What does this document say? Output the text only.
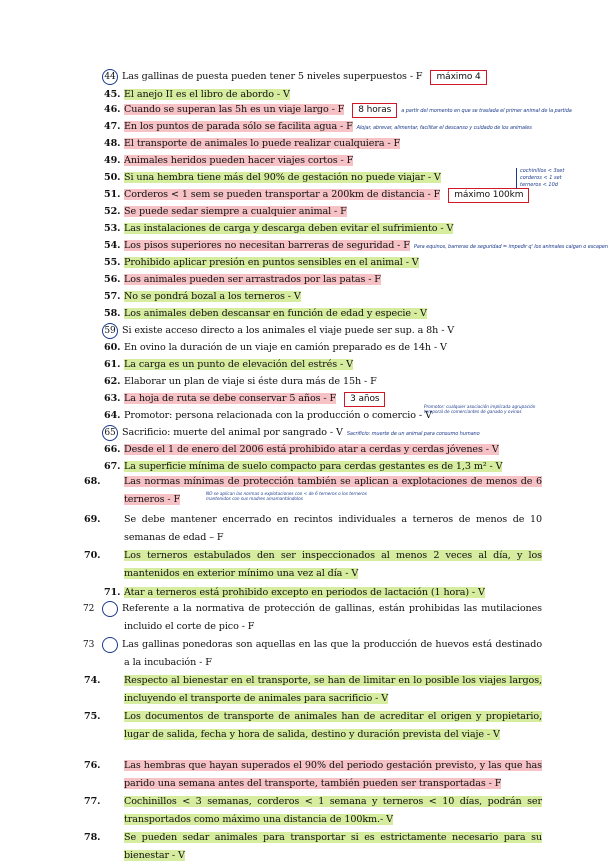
44 Las gallinas de puesta pueden tener 5 niveles superpuestos - F máximo 4
45. El anejo II es el libro de abordo - V
46. Cuando se superan las 5h es un viaje largo - F 8 horas a partir del momento en que se traslada el primer animal de la partida
47. En los puntos de parada sólo se facilita agua - F Alojar, abrevar, alimentar, facilitar el descanso y cuidado de los animales
48. El transporte de animales lo puede realizar cualquiera - F
49. Animales heridos pueden hacer viajes cortos - F
50. Si una hembra tiene más del 90% de gestación no puede viajar - V
51. Corderos < 1 sem se pueden transportar a 200km de distancia - F máximo 100km
cochinillos < 3set
corderos < 1 set
terneros < 10d
52. Se puede sedar siempre a cualquier animal - F
53. Las instalaciones de carga y descarga deben evitar el sufrimiento - V
54. Los pisos superiores no necesitan barreras de seguridad - F Para equinos, barreras de seguridad = impedir q' los animales caigan o escapen
55. Prohibido aplicar presión en puntos sensibles en el animal - V
56. Los animales pueden ser arrastrados por las patas - F
57. No se pondrá bozal a los terneros - V
58. Los animales deben descansar en función de edad y especie - V
59 Si existe acceso directo a los animales el viaje puede ser sup. a 8h - V
60. En ovino la duración de un viaje en camión preparado es de 14h - V
61. La carga es un punto de elevación del estrés - V
62. Elaborar un plan de viaje si éste dura más de 15h - F
63. La hoja de ruta se debe conservar 5 años - F 3 años
64. Promotor: persona relacionada con la producción o comercio - V
Promotor: cualquier asociación implicada agrupación temporal de comerciantes de ganado y ovinos
65 Sacrificio: muerte del animal por sangrado - V Sacrificio: muerte de un animal para consumo humano
66. Desde el 1 de enero del 2006 está prohibido atar a cerdas y cerdas jóvenes - V
67. La superficie mínima de suelo compacto para cerdas gestantes es de 1,3 m² - V
68. Las normas mínimas de protección también se aplican a explotaciones de menos de 6 terneros - F
NO se aplican las normas a explotaciones con < de 6 terneros o los terneros mantenidos con sus madres amamantándolos
69. Se debe mantener encerrado en recintos individuales a terneros de menos de 10 semanas de edad – F
70. Los terneros estabulados den ser inspeccionados al menos 2 veces al día, y los mantenidos en exterior mínimo una vez al día - V
71. Atar a terneros está prohibido excepto en periodos de lactación (1 hora) - V
72	Referente a la normativa de protección de gallinas, están prohibidas las mutilaciones incluido el corte de pico - F
73	Las gallinas ponedoras son aquellas en las que la producción de huevos está destinado a la incubación - F
74. Respecto al bienestar en el transporte, se han de limitar en lo posible los viajes largos, incluyendo el transporte de animales para sacrificio - V
75. Los documentos de transporte de animales han de acreditar el origen y propietario, lugar de salida, fecha y hora de salida, destino y duración prevista del viaje - V
76. Las hembras que hayan superados el 90% del periodo gestación previsto, y las que has parido una semana antes del transporte, también pueden ser transportadas - F
77. Cochinillos < 3 semanas, corderos < 1 semana y terneros < 10 días, podrán ser transportados como máximo una distancia de 100km.- V
78. Se pueden sedar animales para transportar si es estrictamente necesario para su bienestar - V
